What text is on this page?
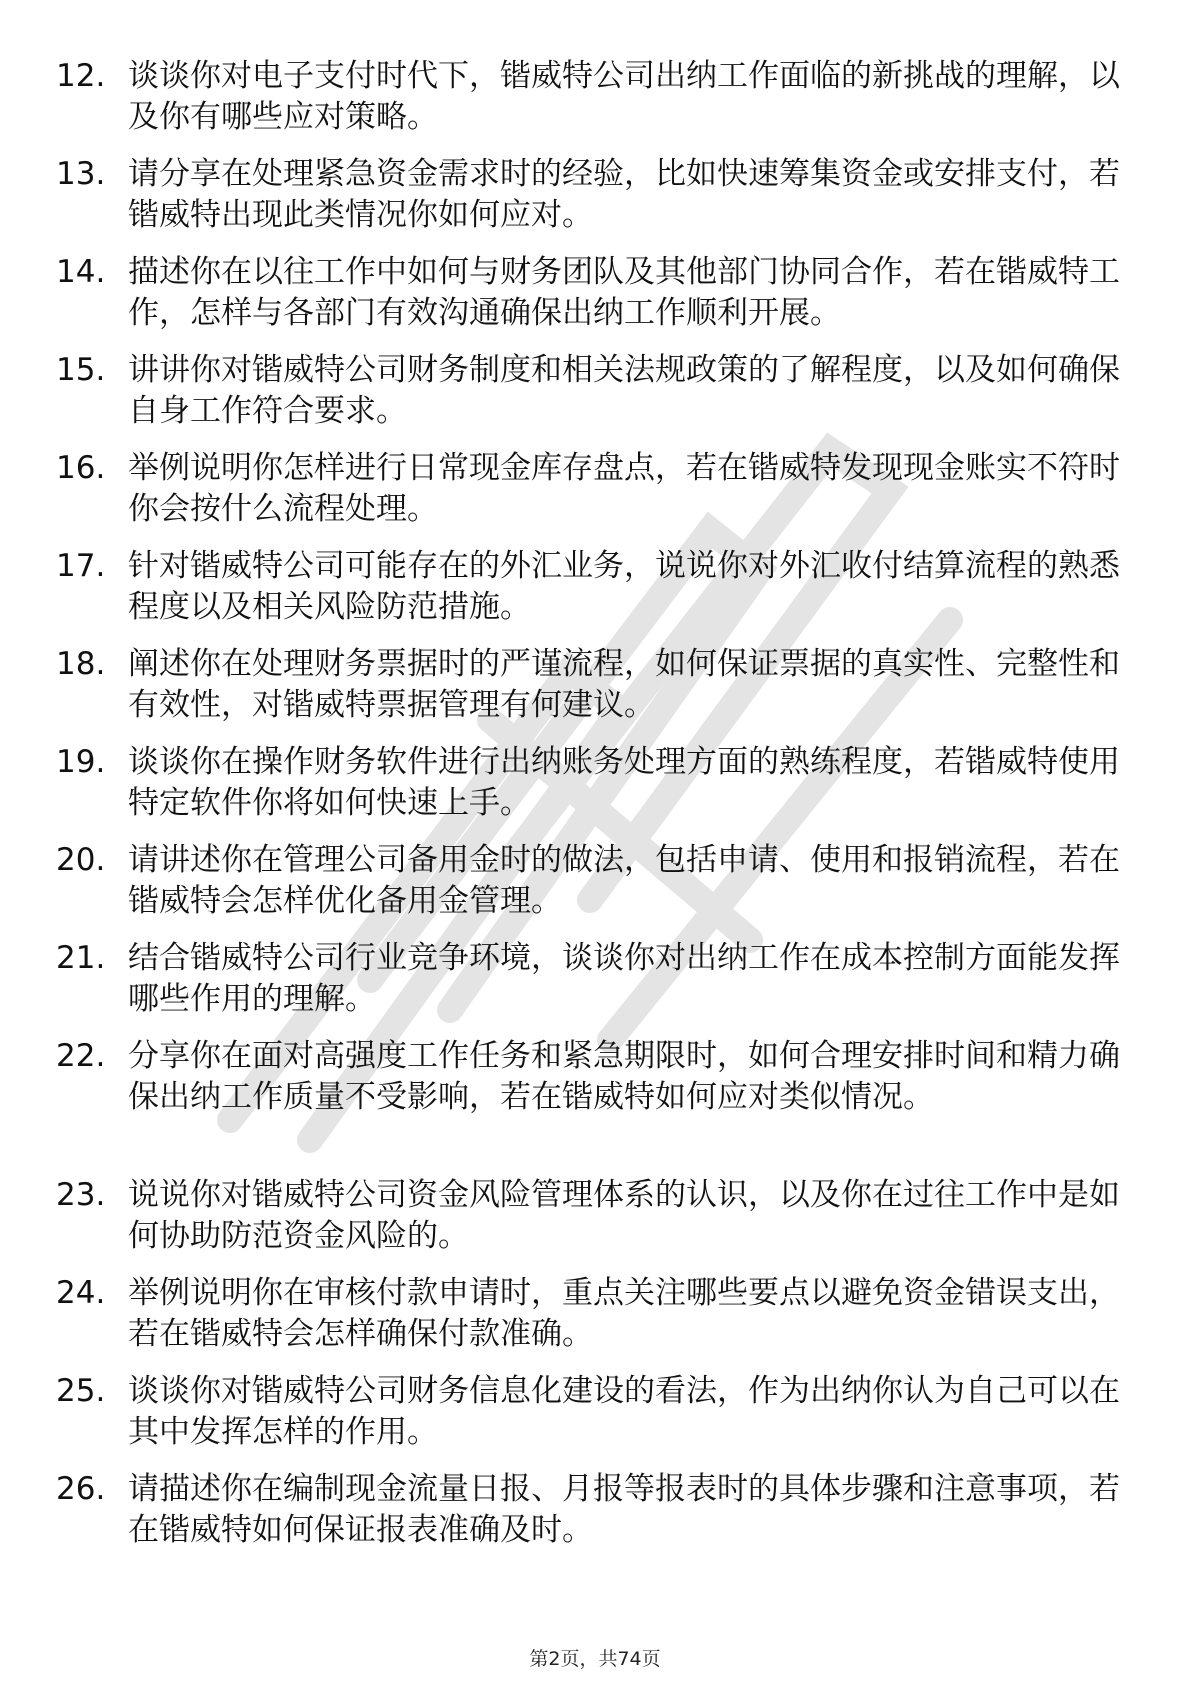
12. 谈谈你对电子支付时代下，锴威特公司出纳工作面临的新挑战的理解，以及你有哪些应对策略。
13. 请分享在处理紧急资金需求时的经验，比如快速筹集资金或安排支付，若锴威特出现此类情况你如何应对。
14. 描述你在以往工作中如何与财务团队及其他部门协同合作，若在锴威特工作，怎样与各部门有效沟通确保出纳工作顺利开展。
15. 讲讲你对锴威特公司财务制度和相关法规政策的了解程度，以及如何确保自身工作符合要求。
16. 举例说明你怎样进行日常现金库存盘点，若在锴威特发现现金账实不符时你会按什么流程处理。
17. 针对锴威特公司可能存在的外汇业务，说说你对外汇收付结算流程的熟悉程度以及相关风险防范措施。
18. 阐述你在处理财务票据时的严谨流程，如何保证票据的真实性、完整性和有效性，对锴威特票据管理有何建议。
19. 谈谈你在操作财务软件进行出纳账务处理方面的熟练程度，若锴威特使用特定软件你将如何快速上手。
20. 请讲述你在管理公司备用金时的做法，包括申请、使用和报销流程，若在锴威特会怎样优化备用金管理。
21. 结合锴威特公司行业竞争环境，谈谈你对出纳工作在成本控制方面能发挥哪些作用的理解。
22. 分享你在面对高强度工作任务和紧急期限时，如何合理安排时间和精力确保出纳工作质量不受影响，若在锴威特如何应对类似情况。
23. 说说你对锴威特公司资金风险管理体系的认识，以及你在过往工作中是如何协助防范资金风险的。
24. 举例说明你在审核付款申请时，重点关注哪些要点以避免资金错误支出，若在锴威特会怎样确保付款准确。
25. 谈谈你对锴威特公司财务信息化建设的看法，作为出纳你认为自己可以在其中发挥怎样的作用。
26. 请描述你在编制现金流量日报、月报等报表时的具体步骤和注意事项，若在锴威特如何保证报表准确及时。
第2页，共74页
